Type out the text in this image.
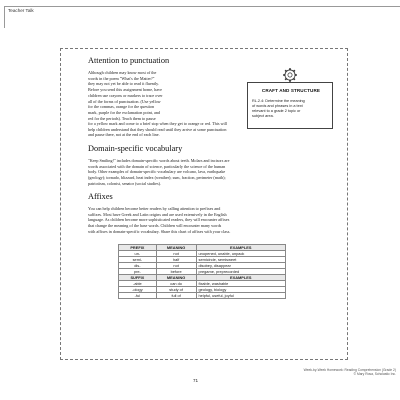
Teacher Talk
Attention to punctuation
Although children may know most of the
words in the poem "What's the Matter?"
they may not yet be able to read it fluently.
Before you send this assignment home, have
children use crayons or markers to trace over
all of the forms of punctuation. (Use yellow
for the commas, orange for the question
mark, purple for the exclamation point, and
red for the periods). Teach them to pause
for a yellow mark and come to a brief stop when they get to orange or red. This will
help children understand that they should read until they arrive at some punctuation
and pause there, not at the end of each line.
CRAFT AND STRUCTURE
RL.2.4: Determine the meaning
of words and phrases in a text
relevant to a grade 2 topic or
subject area.
Domain-specific vocabulary
"Keep Smiling!" includes domain-specific words about teeth. Molars and incisors are
words associated with the domain of science, particularly the science of the human
body. Other examples of domain-specific vocabulary are volcano, lava, earthquake
(geology); tornado, blizzard, heat index (weather); sum, fraction, perimeter (math);
patriotism, colonist, senator (social studies).
Affixes
You can help children become better readers by calling attention to prefixes and
suffixes. Most have Greek and Latin origins and are used extensively in the English
language. As children become more sophisticated readers, they will encounter affixes
that change the meaning of the base words. Children will encounter many words
with affixes in domain-specific vocabulary. Share this chart of affixes with your class.
PREFIX	MEANING	EXAMPLES
un-	not	unopened, unable, unpack
semi-	half	semicircle, semisweet
dis-	not	disobey, disappear
pre-	before	pregame, preрrecorded
SUFFIX	MEANING	EXAMPLES
-able	can do	fixable, washable
-ology	study of	geology, biology
-ful	full of	helpful, useful, joyful
Week-by-Week Homework: Reading Comprehension (Grade 2)
© Mary Rosa, Scholastic Inc.
71
